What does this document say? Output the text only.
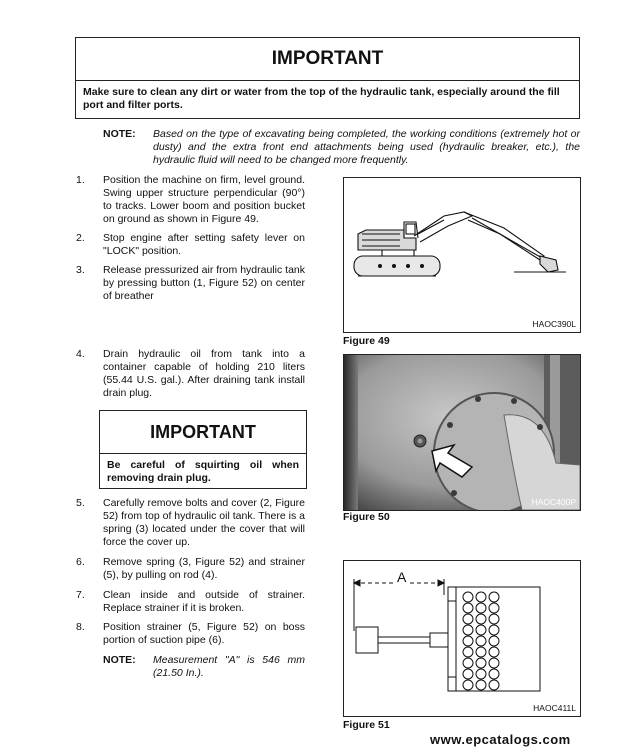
IMPORTANT
Make sure to clean any dirt or water from the top of the hydraulic tank, especially around the fill port and filter ports.
NOTE: Based on the type of excavating being completed, the working conditions (extremely hot or dusty) and the extra front end attachments being used (hydraulic breaker, etc.), the hydraulic fluid will need to be changed more frequently.
1. Position the machine on firm, level ground. Swing upper structure perpendicular (90°) to tracks. Lower boom and position bucket on ground as shown in Figure 49.
2. Stop engine after setting safety lever on "LOCK" position.
3. Release pressurized air from hydraulic tank by pressing button (1, Figure 52) on center of breather
4. Drain hydraulic oil from tank into a container capable of holding 210 liters (55.44 U.S. gal.). After draining tank install drain plug.
IMPORTANT
Be careful of squirting oil when removing drain plug.
5. Carefully remove bolts and cover (2, Figure 52) from top of hydraulic oil tank. There is a spring (3) located under the cover that will force the cover up.
6. Remove spring (3, Figure 52) and strainer (5), by pulling on rod (4).
7. Clean inside and outside of strainer. Replace strainer if it is broken.
8. Position strainer (5, Figure 52) on boss portion of suction pipe (6).
NOTE: Measurement "A" is 546 mm (21.50 In.).
HAOC390L
Figure 49
HAOC400P
Figure 50
A
HAOC411L
Figure 51
www.epcatalogs.com
